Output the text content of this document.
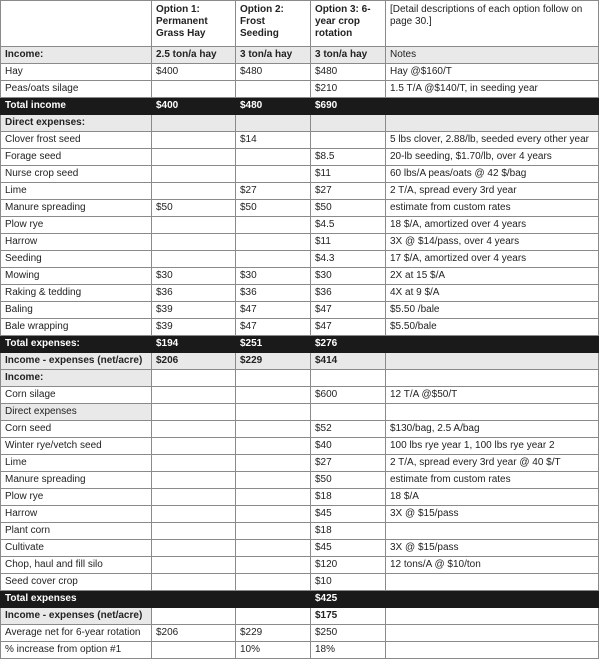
	Option 1: Permanent Grass Hay	Option 2: Frost Seeding	Option 3: 6-year crop rotation	[Detail descriptions of each option follow on page 30.]
Income:	2.5 ton/a hay	3 ton/a hay	3 ton/a hay	Notes
Hay	$400	$480	$480	Hay @$160/T
Peas/oats silage			$210	1.5 T/A @$140/T, in seeding year
Total income	$400	$480	$690	
Direct expenses:				
Clover frost seed		$14		5 lbs clover, 2.88/lb, seeded every other year
Forage seed			$8.5	20-lb seeding, $1.70/lb, over 4 years
Nurse crop seed			$11	60 lbs/A peas/oats @ 42 $/bag
Lime		$27	$27	2 T/A, spread every 3rd year
Manure spreading	$50	$50	$50	estimate from custom rates
Plow rye			$4.5	18 $/A, amortized over 4 years
Harrow			$11	3X @ $14/pass, over 4 years
Seeding			$4.3	17 $/A, amortized over 4 years
Mowing	$30	$30	$30	2X at 15 $/A
Raking & tedding	$36	$36	$36	4X at 9 $/A
Baling	$39	$47	$47	$5.50 /bale
Bale wrapping	$39	$47	$47	$5.50/bale
Total expenses:	$194	$251	$276	
Income - expenses (net/acre)	$206	$229	$414	
Income:				
Corn silage			$600	12 T/A @$50/T
Direct expenses				
Corn seed			$52	$130/bag, 2.5 A/bag
Winter rye/vetch seed			$40	100 lbs rye year 1, 100 lbs rye year 2
Lime			$27	2 T/A, spread every 3rd year @ 40 $/T
Manure spreading			$50	estimate from custom rates
Plow rye			$18	18 $/A
Harrow			$45	3X @ $15/pass
Plant corn			$18	
Cultivate			$45	3X @ $15/pass
Chop, haul and fill silo			$120	12 tons/A @ $10/ton
Seed cover crop			$10	
Total expenses			$425	
Income - expenses (net/acre)			$175	
Average net for 6-year rotation	$206	$229	$250	
% increase from option #1		10%	18%	
